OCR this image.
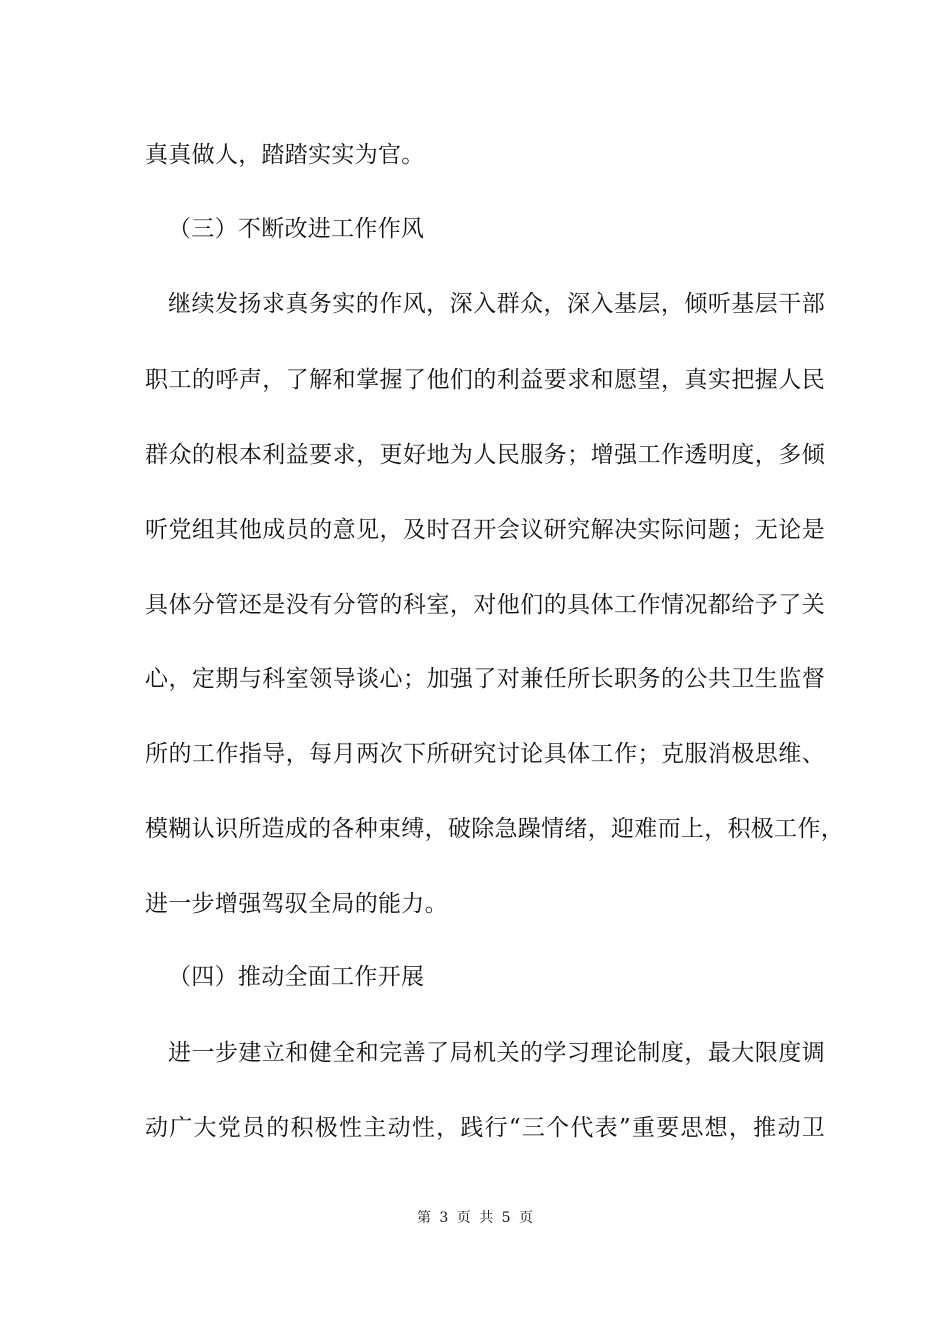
真真做人，踏踏实实为官。
（三）不断改进工作作风
继续发扬求真务实的作风，深入群众，深入基层，倾听基层干部
职工的呼声，了解和掌握了他们的利益要求和愿望，真实把握人民
群众的根本利益要求，更好地为人民服务；增强工作透明度，多倾
听党组其他成员的意见，及时召开会议研究解决实际问题；无论是
具体分管还是没有分管的科室，对他们的具体工作情况都给予了关
心，定期与科室领导谈心；加强了对兼任所长职务的公共卫生监督
所的工作指导，每月两次下所研究讨论具体工作；克服消极思维、
模糊认识所造成的各种束缚，破除急躁情绪，迎难而上，积极工作，
进一步增强驾驭全局的能力。
（四）推动全面工作开展
进一步建立和健全和完善了局机关的学习理论制度，最大限度调
动广大党员的积极性主动性，践行“三个代表”重要思想，推动卫
第 3 页 共 5 页
